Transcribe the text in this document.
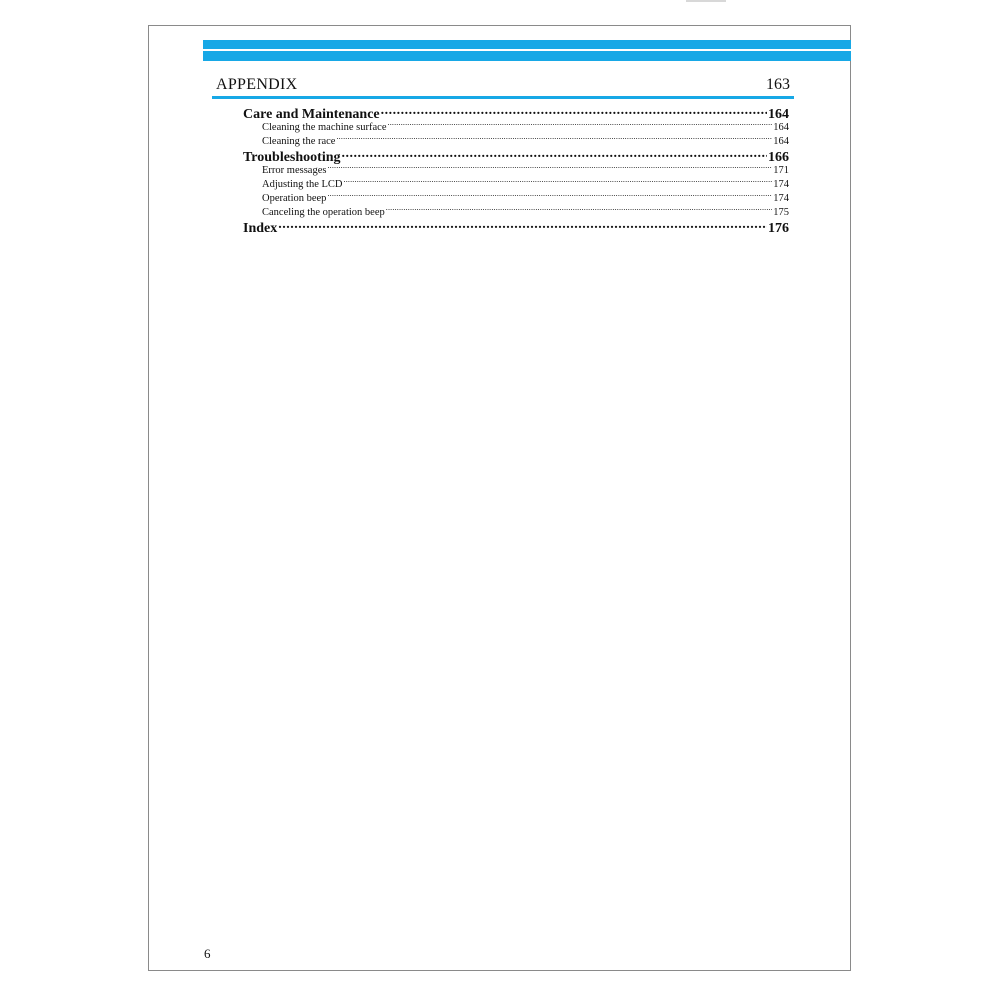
APPENDIX	163
Care and Maintenance .....	164
Cleaning the machine surface .....	164
Cleaning the race .....	164
Troubleshooting .....	166
Error messages .....	171
Adjusting the LCD .....	174
Operation beep .....	174
Canceling the operation beep .....	175
Index .....	176
6
